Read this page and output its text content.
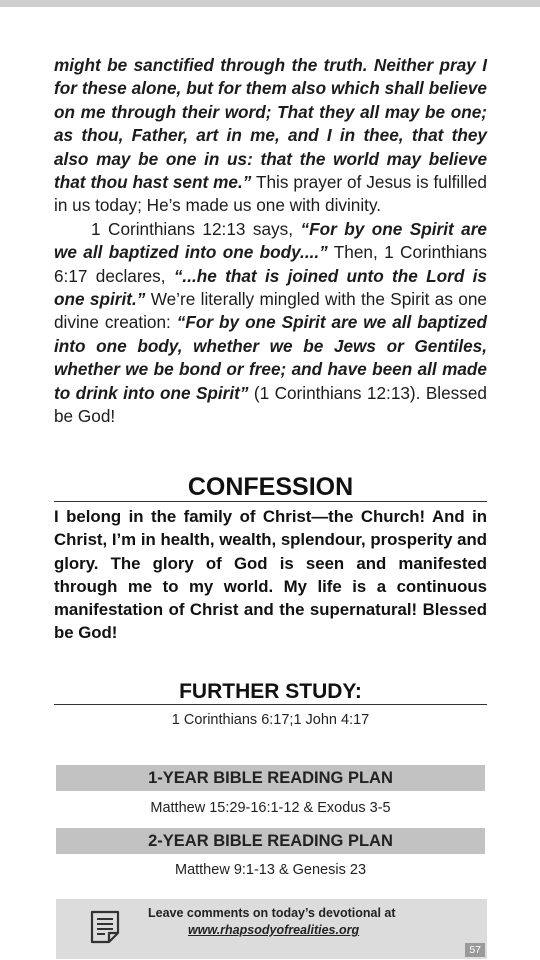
might be sanctified through the truth. Neither pray I for these alone, but for them also which shall believe on me through their word; That they all may be one; as thou, Father, art in me, and I in thee, that they also may be one in us: that the world may believe that thou hast sent me.” This prayer of Jesus is fulfilled in us today; He’s made us one with divinity.

1 Corinthians 12:13 says, “For by one Spirit are we all baptized into one body....” Then, 1 Corinthians 6:17 declares, “...he that is joined unto the Lord is one spirit.” We’re literally mingled with the Spirit as one divine creation: “For by one Spirit are we all baptized into one body, whether we be Jews or Gentiles, whether we be bond or free; and have been all made to drink into one Spirit” (1 Corinthians 12:13). Blessed be God!

CONFESSION

I belong in the family of Christ—the Church! And in Christ, I’m in health, wealth, splendour, prosperity and glory. The glory of God is seen and manifested through me to my world. My life is a continuous manifestation of Christ and the supernatural! Blessed be God!

FURTHER STUDY:
1 Corinthians 6:17;1 John 4:17
1-YEAR BIBLE READING PLAN
Matthew 15:29-16:1-12 & Exodus 3-5
2-YEAR BIBLE READING PLAN
Matthew 9:1-13 & Genesis 23
Leave comments on today’s devotional at
www.rhapsodyofrealities.org
57
